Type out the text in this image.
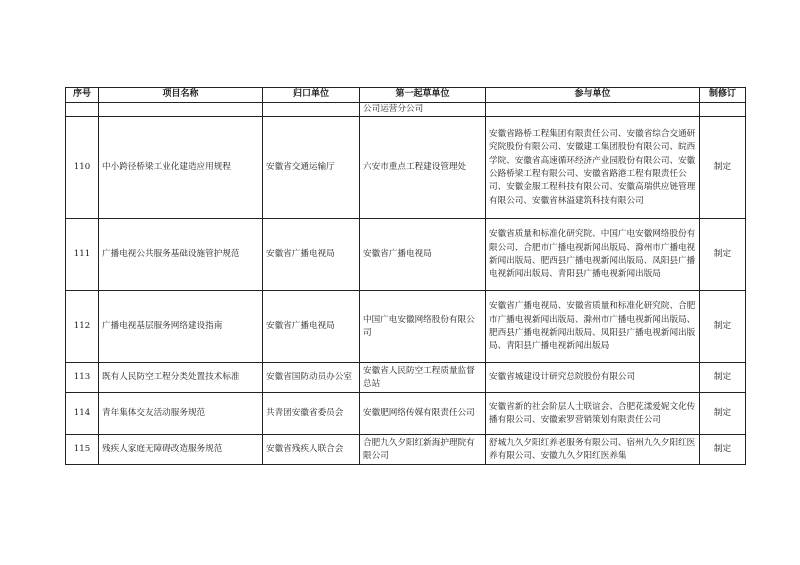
序号	项目名称	归口单位	第一起草单位	参与单位	制修订
			公司运营分公司		
110	中小跨径桥梁工业化建造应用规程	安徽省交通运输厅	六安市重点工程建设管理处	安徽省路桥工程集团有限责任公司、安徽省综合交通研究院股份有限公司、安徽建工集团股份有限公司、皖西学院、安徽省高速循环经济产业园股份有限公司、安徽公路桥梁工程有限公司、安徽省路港工程有限责任公司、安徽金服工程科技有限公司、安徽高瑞供应链管理有限公司、安徽省林溢建筑科技有限公司	制定
111	广播电视公共服务基础设施管护规范	安徽省广播电视局	安徽省广播电视局	安徽省质量和标准化研究院、中国广电安徽网络股份有限公司、合肥市广播电视新闻出版局、滁州市广播电视新闻出版局、肥西县广播电视新闻出版局、凤阳县广播电视新闻出版局、青阳县广播电视新闻出版局	制定
112	广播电视基层服务网络建设指南	安徽省广播电视局	中国广电安徽网络股份有限公司	安徽省广播电视局、安徽省质量和标准化研究院、合肥市广播电视新闻出版局、滁州市广播电视新闻出版局、肥西县广播电视新闻出版局、凤阳县广播电视新闻出版局、青阳县广播电视新闻出版局	制定
113	既有人民防空工程分类处置技术标准	安徽省国防动员办公室	安徽省人民防空工程质量监督总站	安徽省城建设计研究总院股份有限公司	制定
114	青年集体交友活动服务规范	共青团安徽省委员会	安徽肥网络传媒有限责任公司	安徽省新的社会阶层人士联谊会、合肥花漾爱妮文化传播有限公司、安徽索罗营销策划有限责任公司	制定
115	残疾人家庭无障碍改造服务规范	安徽省残疾人联合会	合肥九久夕阳红新海护理院有限公司	舒城九久夕阳红养老服务有限公司、宿州九久夕阳红医养有限公司、安徽九久夕阳红医养集	制定
